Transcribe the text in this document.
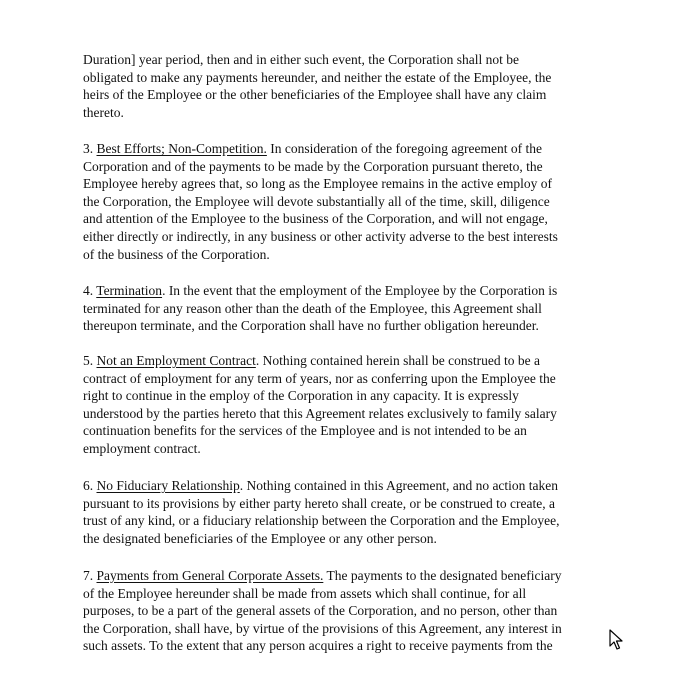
Duration] year period, then and in either such event, the Corporation shall not be
obligated to make any payments hereunder, and neither the estate of the Employee, the
heirs of the Employee or the other beneficiaries of the Employee shall have any claim
thereto.
3. Best Efforts; Non-Competition. In consideration of the foregoing agreement of the
Corporation and of the payments to be made by the Corporation pursuant thereto, the
Employee hereby agrees that, so long as the Employee remains in the active employ of
the Corporation, the Employee will devote substantially all of the time, skill, diligence
and attention of the Employee to the business of the Corporation, and will not engage,
either directly or indirectly, in any business or other activity adverse to the best interests
of the business of the Corporation.
4. Termination. In the event that the employment of the Employee by the Corporation is
terminated for any reason other than the death of the Employee, this Agreement shall
thereupon terminate, and the Corporation shall have no further obligation hereunder.
5. Not an Employment Contract. Nothing contained herein shall be construed to be a
contract of employment for any term of years, nor as conferring upon the Employee the
right to continue in the employ of the Corporation in any capacity. It is expressly
understood by the parties hereto that this Agreement relates exclusively to family salary
continuation benefits for the services of the Employee and is not intended to be an
employment contract.
6. No Fiduciary Relationship. Nothing contained in this Agreement, and no action taken
pursuant to its provisions by either party hereto shall create, or be construed to create, a
trust of any kind, or a fiduciary relationship between the Corporation and the Employee,
the designated beneficiaries of the Employee or any other person.
7. Payments from General Corporate Assets. The payments to the designated beneficiary
of the Employee hereunder shall be made from assets which shall continue, for all
purposes, to be a part of the general assets of the Corporation, and no person, other than
the Corporation, shall have, by virtue of the provisions of this Agreement, any interest in
such assets. To the extent that any person acquires a right to receive payments from the
